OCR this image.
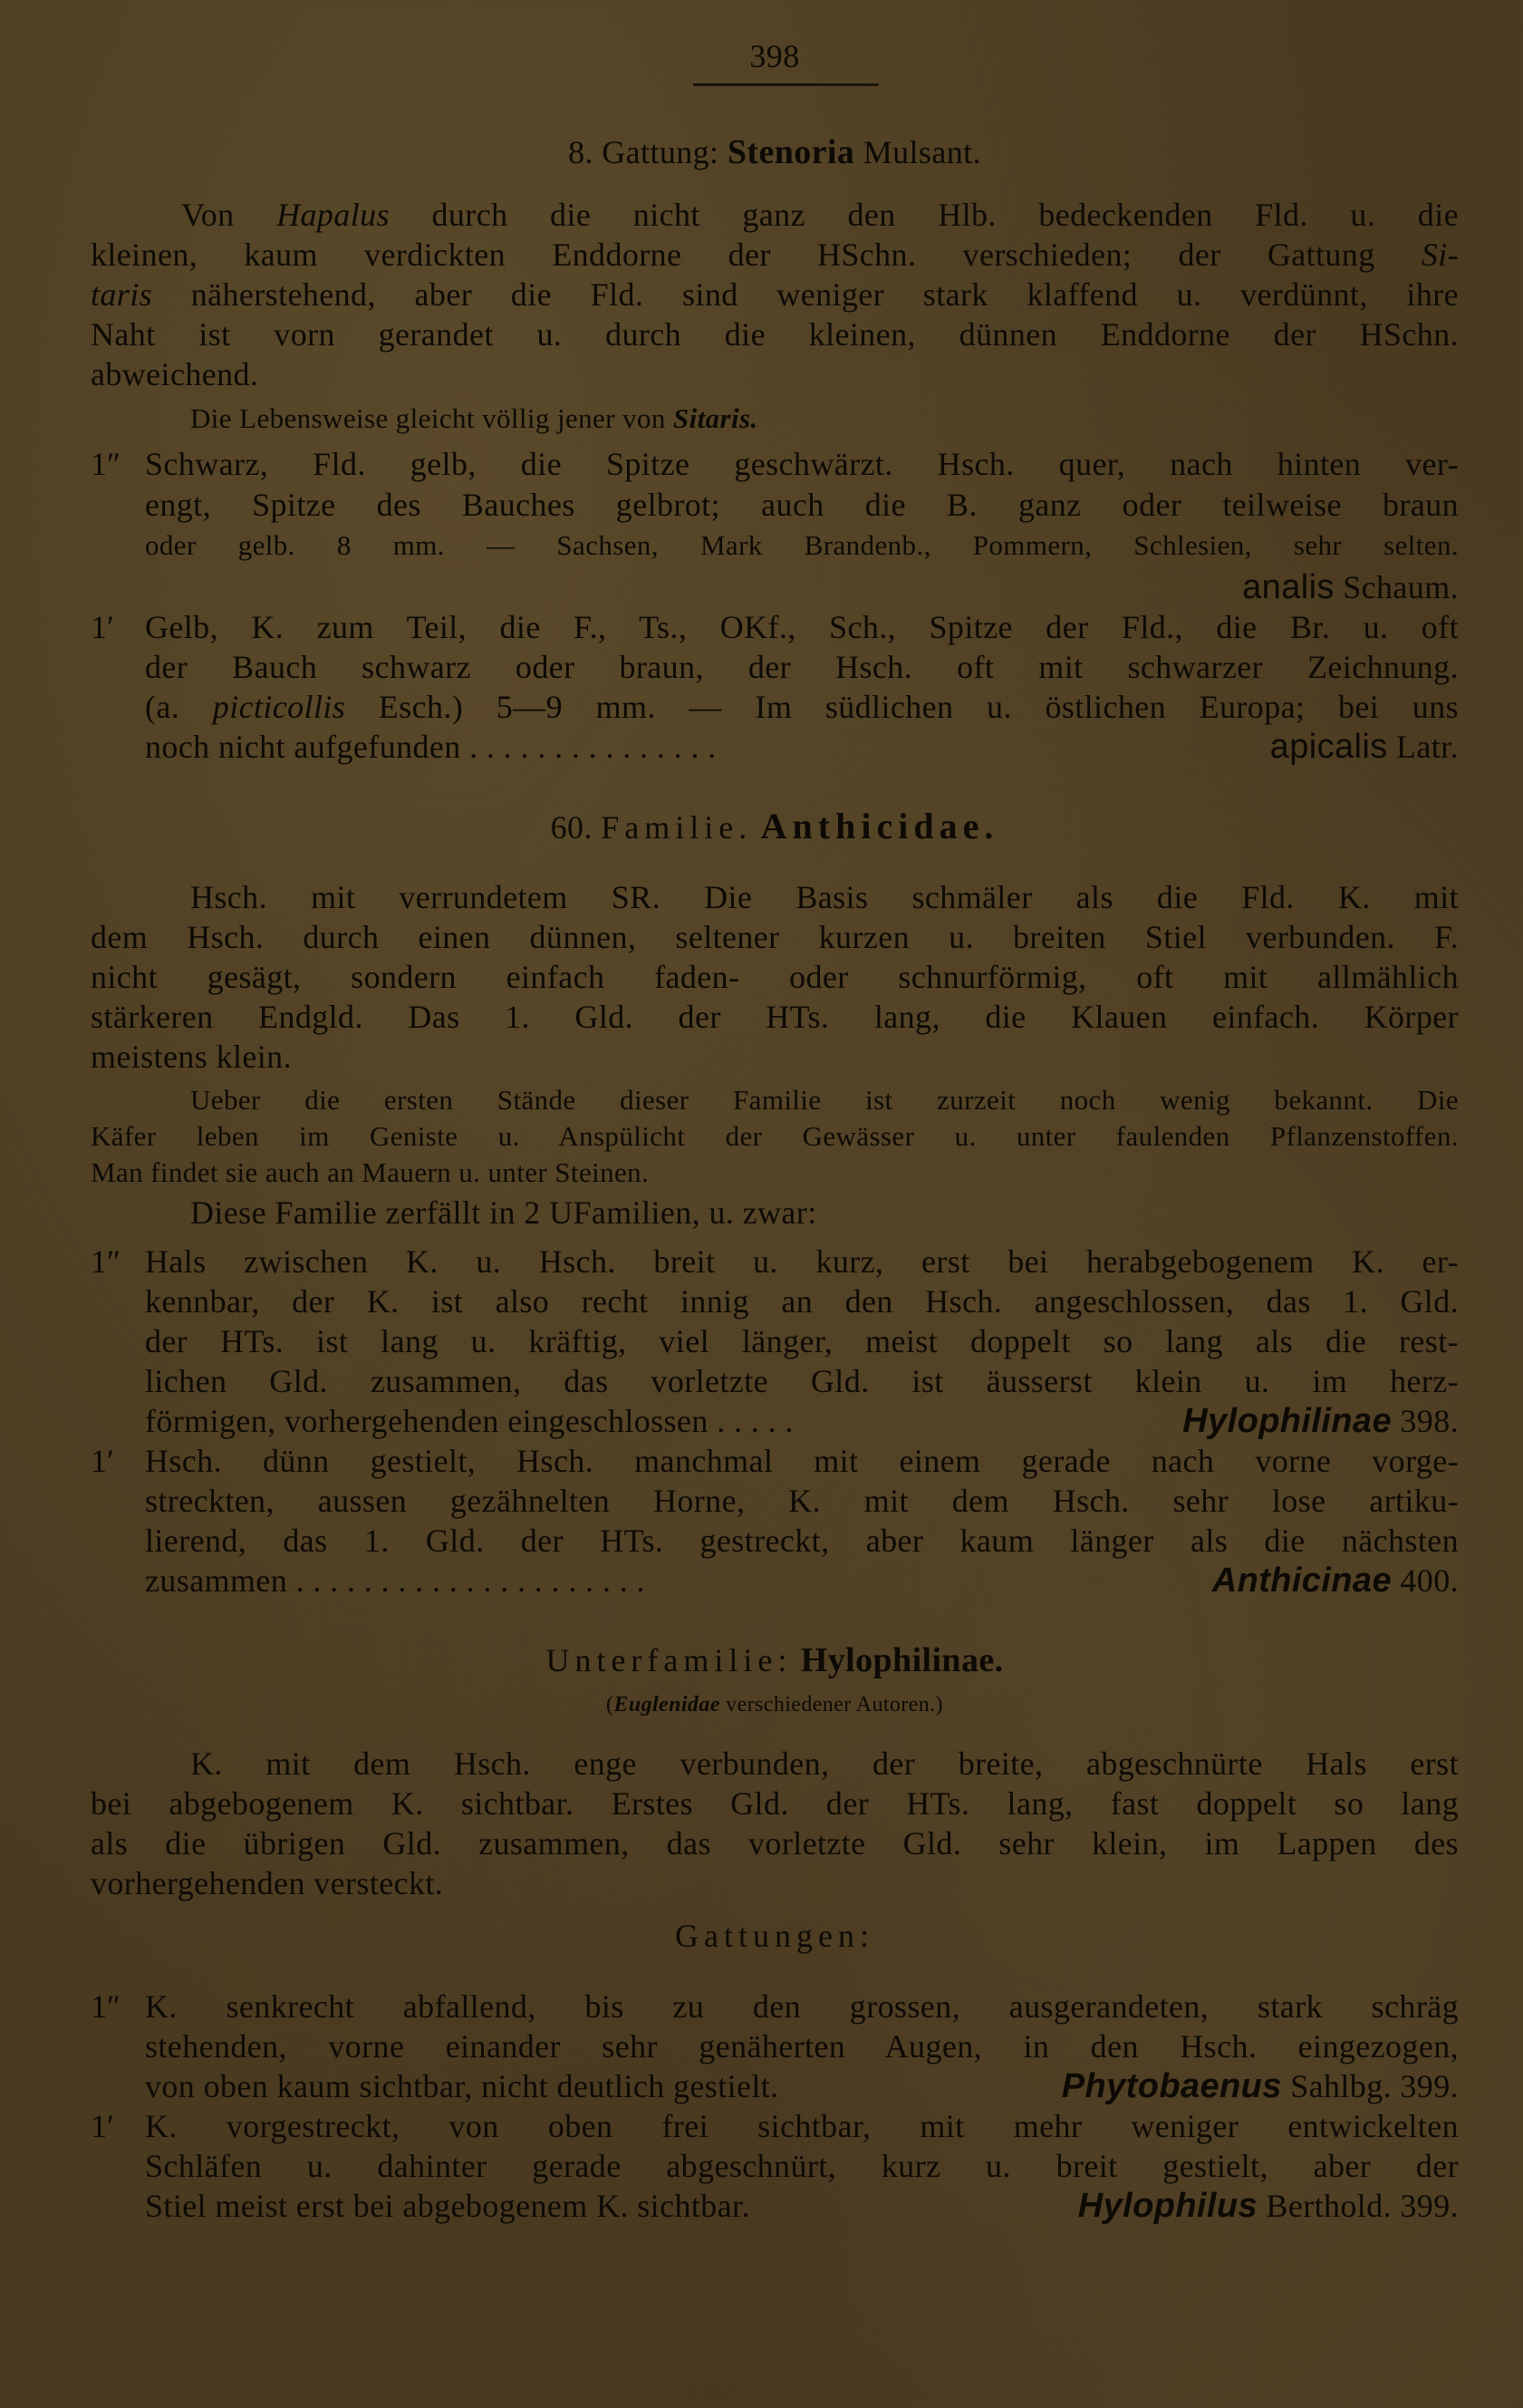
398
8. Gattung: Stenoria Mulsant.
Von Hapalus durch die nicht ganz den Hlb. bedeckenden Fld. u. die
kleinen, kaum verdickten Enddorne der HSchn. verschieden; der Gattung Si-
taris näherstehend, aber die Fld. sind weniger stark klaffend u. verdünnt, ihre
Naht ist vorn gerandet u. durch die kleinen, dünnen Enddorne der HSchn.
abweichend.
Die Lebensweise gleicht völlig jener von Sitaris.
1″ Schwarz, Fld. gelb, die Spitze geschwärzt. Hsch. quer, nach hinten ver-
engt, Spitze des Bauches gelbrot; auch die B. ganz oder teilweise braun
oder gelb. 8 mm. — Sachsen, Mark Brandenb., Pommern, Schlesien, sehr selten.
analis Schaum.
1′ Gelb, K. zum Teil, die F., Ts., OKf., Sch., Spitze der Fld., die Br. u. oft
der Bauch schwarz oder braun, der Hsch. oft mit schwarzer Zeichnung.
(a. picticollis Esch.) 5—9 mm. — Im südlichen u. östlichen Europa; bei uns
noch nicht aufgefunden . . . . . . . . . . . . . . .	apicalis Latr.
60. Familie. Anthicidae.
Hsch. mit verrundetem SR. Die Basis schmäler als die Fld. K. mit
dem Hsch. durch einen dünnen, seltener kurzen u. breiten Stiel verbunden. F.
nicht gesägt, sondern einfach faden- oder schnurförmig, oft mit allmählich
stärkeren Endgld. Das 1. Gld. der HTs. lang, die Klauen einfach. Körper
meistens klein.
Ueber die ersten Stände dieser Familie ist zurzeit noch wenig bekannt. Die
Käfer leben im Geniste u. Anspülicht der Gewässer u. unter faulenden Pflanzenstoffen.
Man findet sie auch an Mauern u. unter Steinen.
Diese Familie zerfällt in 2 UFamilien, u. zwar:
1″ Hals zwischen K. u. Hsch. breit u. kurz, erst bei herabgebogenem K. er-
kennbar, der K. ist also recht innig an den Hsch. angeschlossen, das 1. Gld.
der HTs. ist lang u. kräftig, viel länger, meist doppelt so lang als die rest-
lichen Gld. zusammen, das vorletzte Gld. ist äusserst klein u. im herz-
förmigen, vorhergehenden eingeschlossen . . . . .	Hylophilinae 398.
1′ Hsch. dünn gestielt, Hsch. manchmal mit einem gerade nach vorne vorge-
streckten, aussen gezähnelten Horne, K. mit dem Hsch. sehr lose artiku-
lierend, das 1. Gld. der HTs. gestreckt, aber kaum länger als die nächsten
zusammen . . . . . . . . . . . . . . . . . . . . .	Anthicinae 400.
Unterfamilie: Hylophilinae.
(Euglenidae verschiedener Autoren.)
K. mit dem Hsch. enge verbunden, der breite, abgeschnürte Hals erst
bei abgebogenem K. sichtbar. Erstes Gld. der HTs. lang, fast doppelt so lang
als die übrigen Gld. zusammen, das vorletzte Gld. sehr klein, im Lappen des
vorhergehenden versteckt.
Gattungen:
1″ K. senkrecht abfallend, bis zu den grossen, ausgerandeten, stark schräg
stehenden, vorne einander sehr genäherten Augen, in den Hsch. eingezogen,
von oben kaum sichtbar, nicht deutlich gestielt.	Phytobaenus Sahlbg. 399.
1′ K. vorgestreckt, von oben frei sichtbar, mit mehr weniger entwickelten
Schläfen u. dahinter gerade abgeschnürt, kurz u. breit gestielt, aber der
Stiel meist erst bei abgebogenem K. sichtbar.	Hylophilus Berthold. 399.
